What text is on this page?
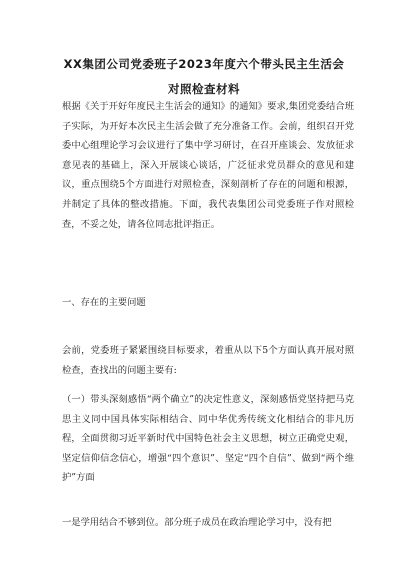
XX集团公司党委班子2023年度六个带头民主生活会
对照检查材料
根据《关于开好年度民主生活会的通知》的通知》要求,集团党委结合班子实际，为开好本次民主生活会做了充分准备工作。会前，组织召开党委中心组理论学习会议进行了集中学习研讨，在召开座谈会、发放征求意见表的基础上，深入开展谈心谈话，广泛征求党员群众的意见和建议，重点围绕5个方面进行对照检查，深刻剖析了存在的问题和根源，并制定了具体的整改措施。下面，我代表集团公司党委班子作对照检查，不妥之处，请各位同志批评指正。
一、存在的主要问题
会前，党委班子紧紧围绕目标要求，着重从以下5个方面认真开展对照检查，查找出的问题主要有:
（一）带头深刻感悟“两个确立”的决定性意义，深刻感悟党坚持把马克思主义同中国具体实际相结合、同中华优秀传统文化相结合的非凡历程，全面贯彻习近平新时代中国特色社会主义思想，树立正确党史观，坚定信仰信念信心，增强“四个意识”、坚定“四个自信”、做到“两个维护”方面
一是学用结合不够到位。部分班子成员在政治理论学习中，没有把
